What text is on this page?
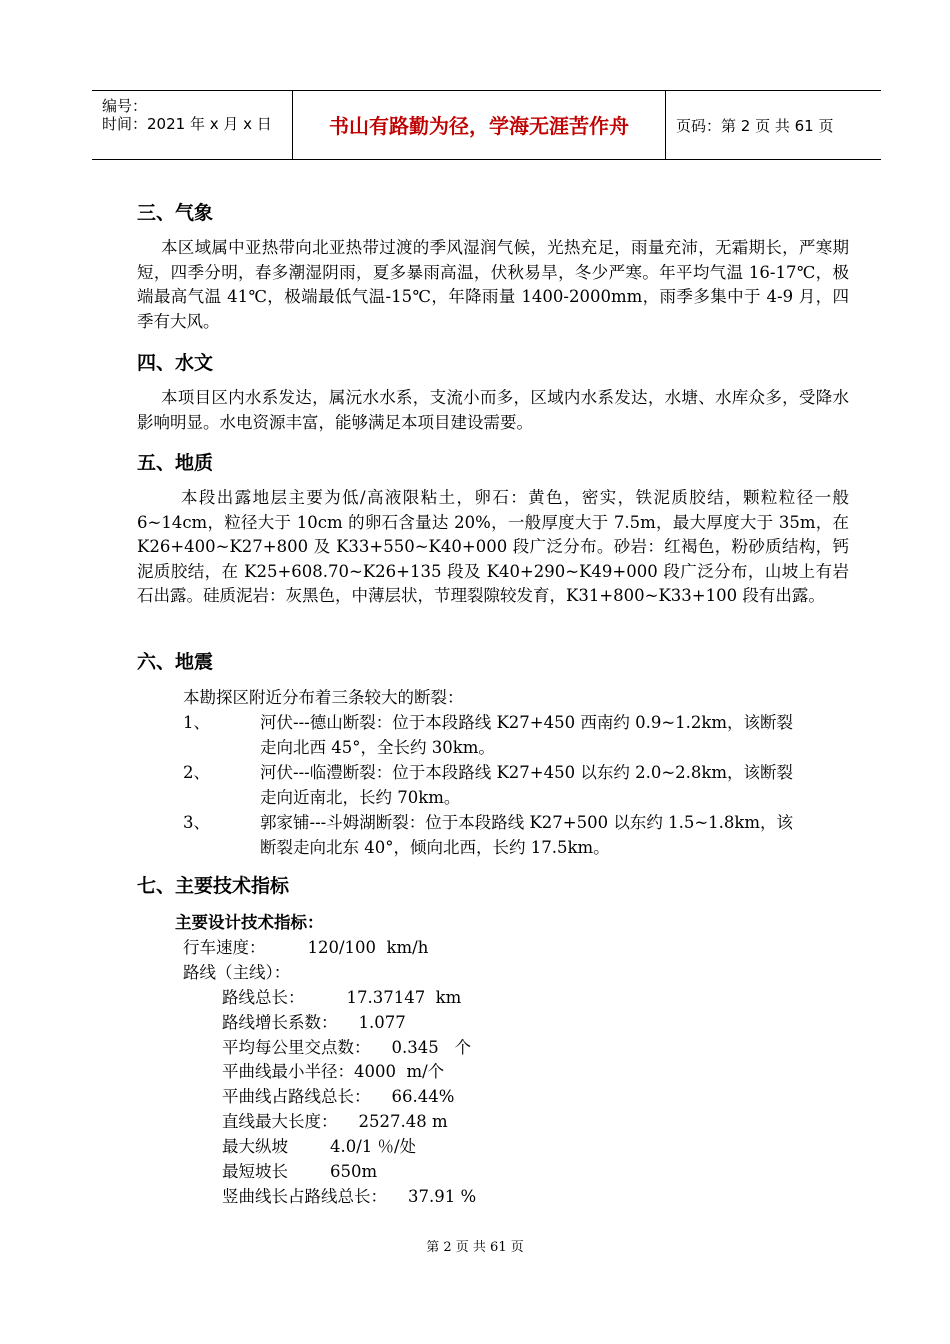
编号：
时间：2021 年 x 月 x 日	书山有路勤为径，学海无涯苦作舟	页码：第 2 页 共 61 页
三、气象
本区域属中亚热带向北亚热带过渡的季风湿润气候，光热充足，雨量充沛，无霜期长，严寒期短，四季分明，春多潮湿阴雨，夏多暴雨高温，伏秋易旱，冬少严寒。年平均气温 16-17℃，极端最高气温 41℃，极端最低气温-15℃，年降雨量 1400-2000mm，雨季多集中于 4-9 月，四季有大风。
四、水文
本项目区内水系发达，属沅水水系，支流小而多，区域内水系发达，水塘、水库众多，受降水影响明显。水电资源丰富，能够满足本项目建设需要。
五、地质
本段出露地层主要为低/高液限粘土，卵石：黄色，密实，铁泥质胶结，颗粒粒径一般 6~14cm，粒径大于 10cm 的卵石含量达 20%，一般厚度大于 7.5m，最大厚度大于 35m，在 K26+400~K27+800 及 K33+550~K40+000 段广泛分布。砂岩：红褐色，粉砂质结构，钙泥质胶结，在 K25+608.70~K26+135 段及 K40+290~K49+000 段广泛分布，山坡上有岩石出露。硅质泥岩：灰黑色，中薄层状，节理裂隙较发育，K31+800~K33+100 段有出露。
六、地震
本勘探区附近分布着三条较大的断裂：
1、	河伏---德山断裂：位于本段路线 K27+450 西南约 0.9~1.2km，该断裂
走向北西 45°，全长约 30km。
2、	河伏---临澧断裂：位于本段路线 K27+450 以东约 2.0~2.8km，该断裂
走向近南北，长约 70km。
3、	郭家铺---斗姆湖断裂：位于本段路线 K27+500 以东约 1.5~1.8km，该
断裂走向北东 40°，倾向北西，长约 17.5km。
七、主要技术指标
主要设计技术指标：
行车速度：        120/100  km/h
路线（主线）：
路线总长：        17.37147  km
路线增长系数：    1.077
平均每公里交点数：    0.345   个
平曲线最小半径：4000  m/个
平曲线占路线总长：    66.44%
直线最大长度：    2527.48 m
最大纵坡        4.0/1 ％/处
最短坡长        650m
竖曲线长占路线总长：    37.91 %
第 2 页 共 61 页
